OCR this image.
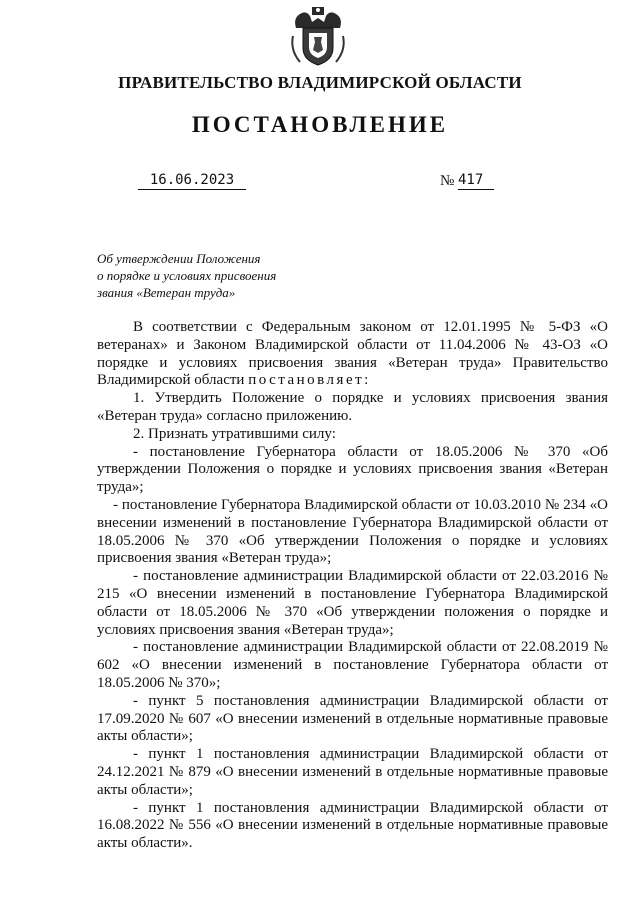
ПРАВИТЕЛЬСТВО ВЛАДИМИРСКОЙ ОБЛАСТИ
ПОСТАНОВЛЕНИЕ
16.06.2023	№ 417
Об утверждении Положения
о порядке и условиях присвоения
звания «Ветеран труда»

В соответствии с Федеральным законом от 12.01.1995 № 5-ФЗ «О ветеранах» и Законом Владимирской области от 11.04.2006 № 43-ОЗ «О порядке и условиях присвоения звания «Ветеран труда» Правительство Владимирской области постановляет:

1. Утвердить Положение о порядке и условиях присвоения звания «Ветеран труда» согласно приложению.

2. Признать утратившими силу:

- постановление Губернатора области от 18.05.2006 № 370 «Об утверждении Положения о порядке и условиях присвоения звания «Ветеран труда»;

- постановление Губернатора Владимирской области от 10.03.2010 № 234 «О внесении изменений в постановление Губернатора Владимирской области от 18.05.2006 № 370 «Об утверждении Положения о порядке и условиях присвоения звания «Ветеран труда»;

- постановление администрации Владимирской области от 22.03.2016 № 215 «О внесении изменений в постановление Губернатора Владимирской области от 18.05.2006 № 370 «Об утверждении положения о порядке и условиях присвоения звания «Ветеран труда»;

- постановление администрации Владимирской области от 22.08.2019 № 602 «О внесении изменений в постановление Губернатора области от 18.05.2006 № 370»;

- пункт 5 постановления администрации Владимирской области от 17.09.2020 № 607 «О внесении изменений в отдельные нормативные правовые акты области»;

- пункт 1 постановления администрации Владимирской области от 24.12.2021 № 879 «О внесении изменений в отдельные нормативные правовые акты области»;

- пункт 1 постановления администрации Владимирской области от 16.08.2022 № 556 «О внесении изменений в отдельные нормативные правовые акты области».
